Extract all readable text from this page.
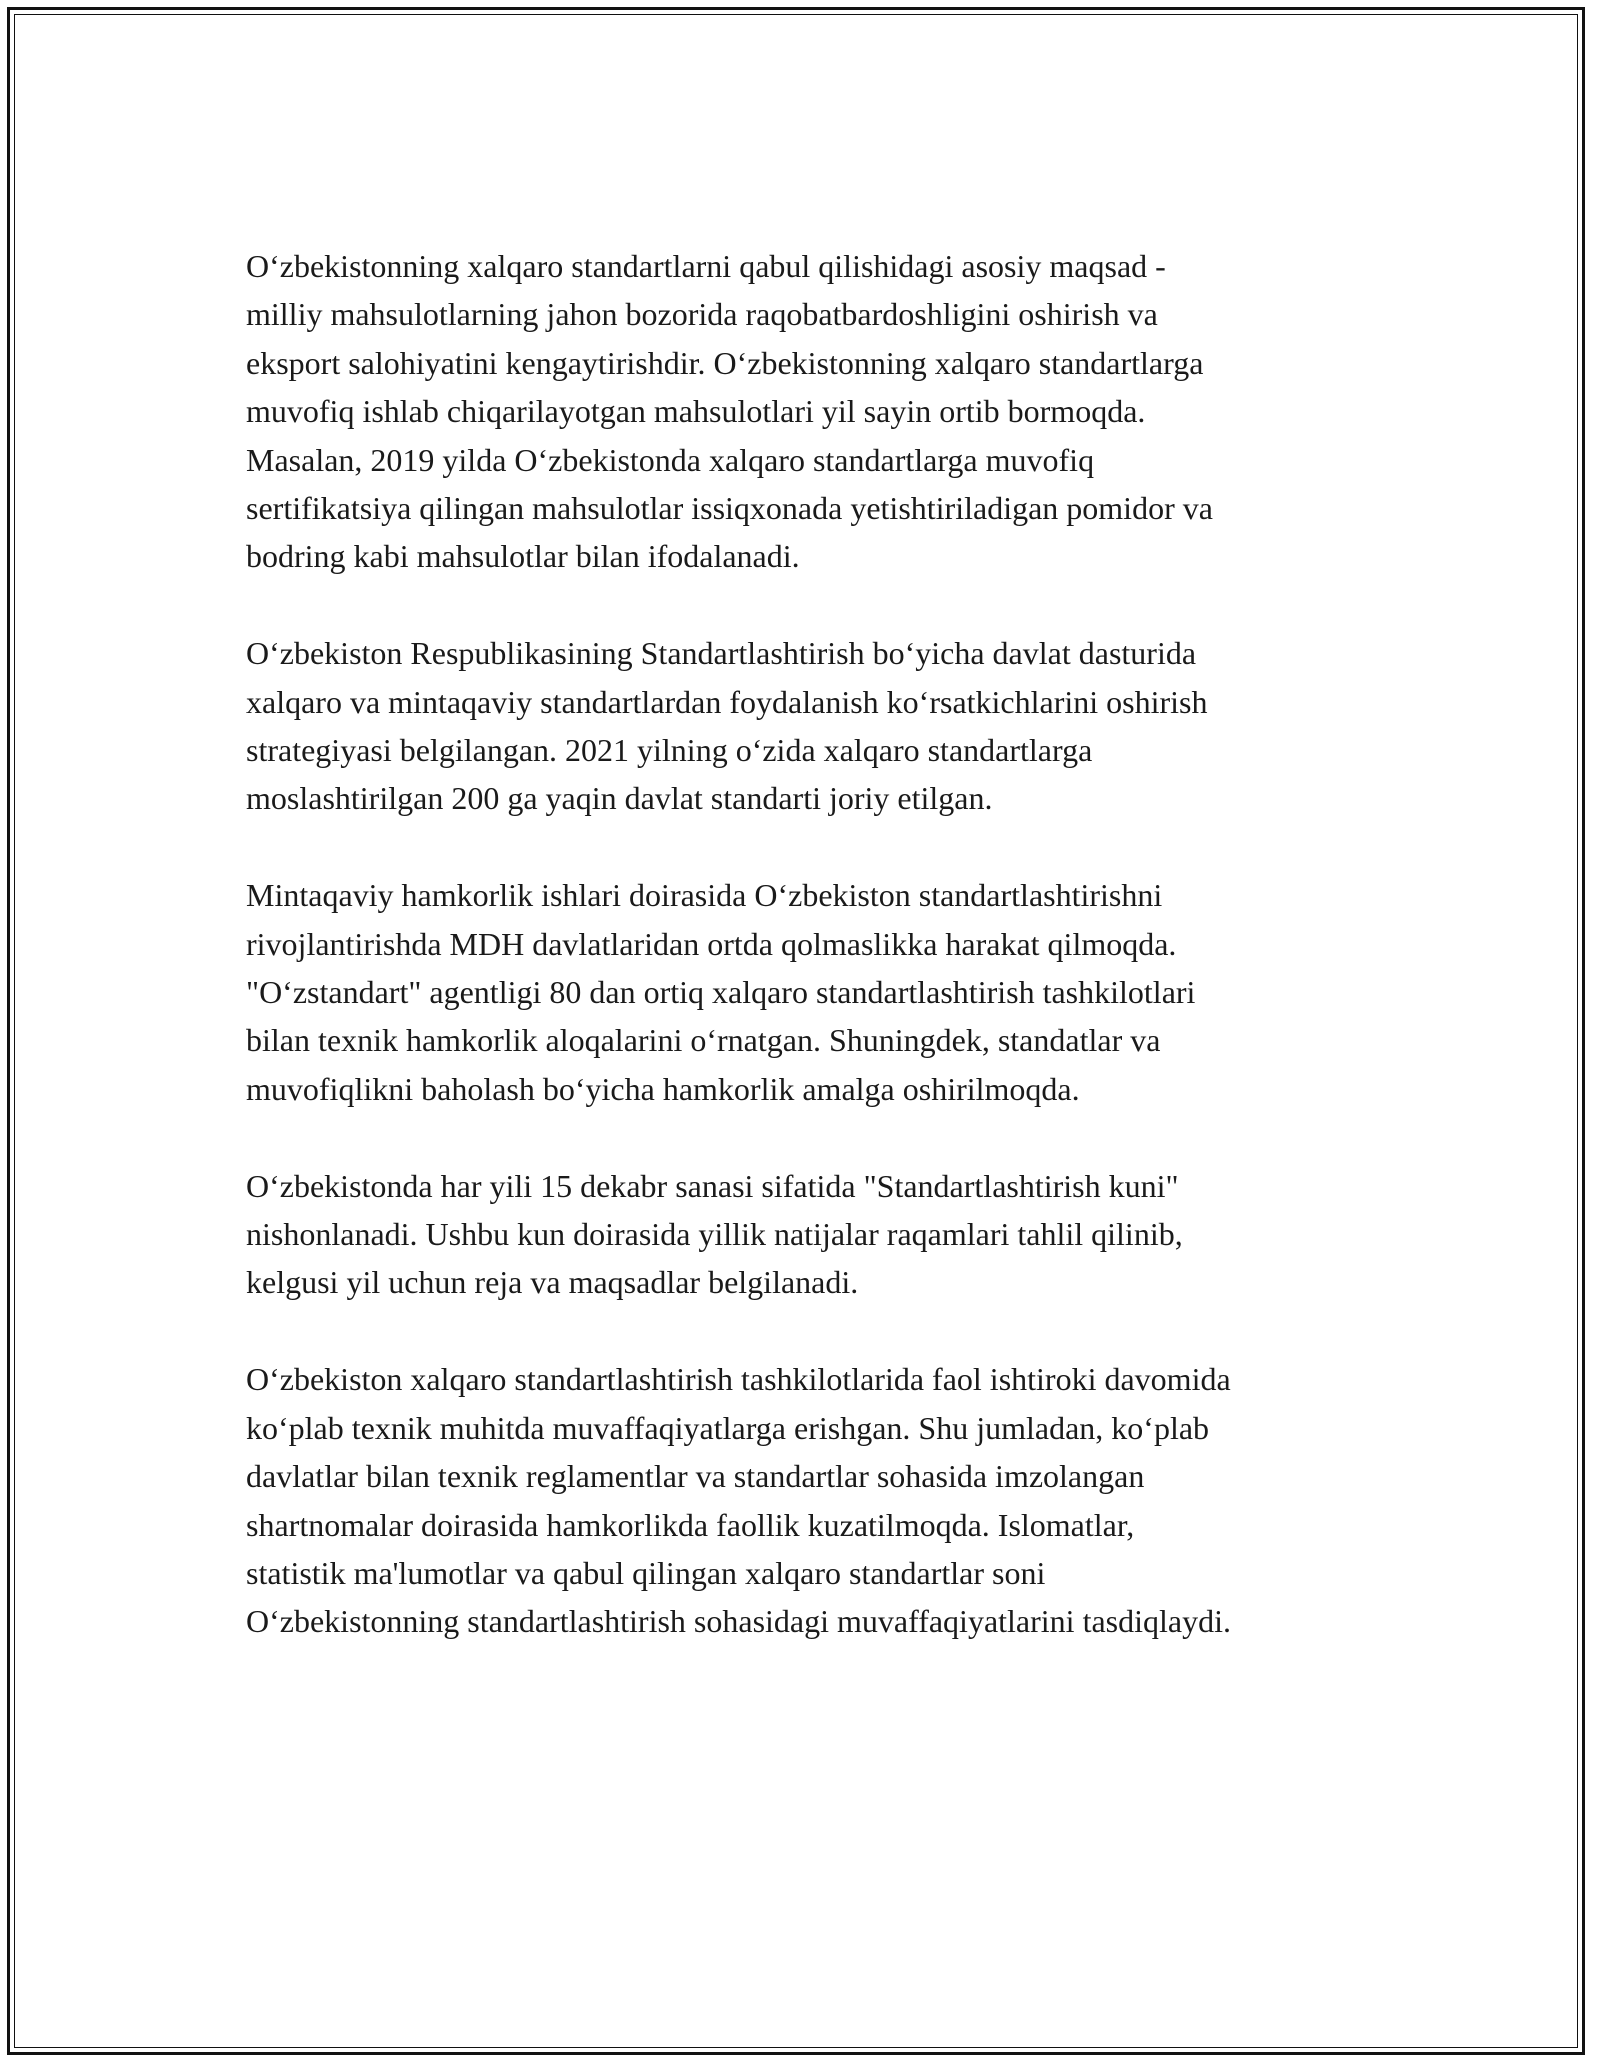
O‘zbekistonning xalqaro standartlarni qabul qilishidagi asosiy maqsad -
milliy mahsulotlarning jahon bozorida raqobatbardoshligini oshirish va
eksport salohiyatini kengaytirishdir. O‘zbekistonning xalqaro standartlarga
muvofiq ishlab chiqarilayotgan mahsulotlari yil sayin ortib bormoqda.
Masalan, 2019 yilda O‘zbekistonda xalqaro standartlarga muvofiq
sertifikatsiya qilingan mahsulotlar issiqxonada yetishtiriladigan pomidor va
bodring kabi mahsulotlar bilan ifodalanadi.

O‘zbekiston Respublikasining Standartlashtirish bo‘yicha davlat dasturida
xalqaro va mintaqaviy standartlardan foydalanish ko‘rsatkichlarini oshirish
strategiyasi belgilangan. 2021 yilning o‘zida xalqaro standartlarga
moslashtirilgan 200 ga yaqin davlat standarti joriy etilgan.

Mintaqaviy hamkorlik ishlari doirasida O‘zbekiston standartlashtirishni
rivojlantirishda MDH davlatlaridan ortda qolmaslikka harakat qilmoqda.
"O‘zstandart" agentligi 80 dan ortiq xalqaro standartlashtirish tashkilotlari
bilan texnik hamkorlik aloqalarini o‘rnatgan. Shuningdek, standatlar va
muvofiqlikni baholash bo‘yicha hamkorlik amalga oshirilmoqda.

O‘zbekistonda har yili 15 dekabr sanasi sifatida "Standartlashtirish kuni"
nishonlanadi. Ushbu kun doirasida yillik natijalar raqamlari tahlil qilinib,
kelgusi yil uchun reja va maqsadlar belgilanadi.

O‘zbekiston xalqaro standartlashtirish tashkilotlarida faol ishtiroki davomida
ko‘plab texnik muhitda muvaffaqiyatlarga erishgan. Shu jumladan, ko‘plab
davlatlar bilan texnik reglamentlar va standartlar sohasida imzolangan
shartnomalar doirasida hamkorlikda faollik kuzatilmoqda. Islomatlar,
statistik ma'lumotlar va qabul qilingan xalqaro standartlar soni
O‘zbekistonning standartlashtirish sohasidagi muvaffaqiyatlarini tasdiqlaydi.
